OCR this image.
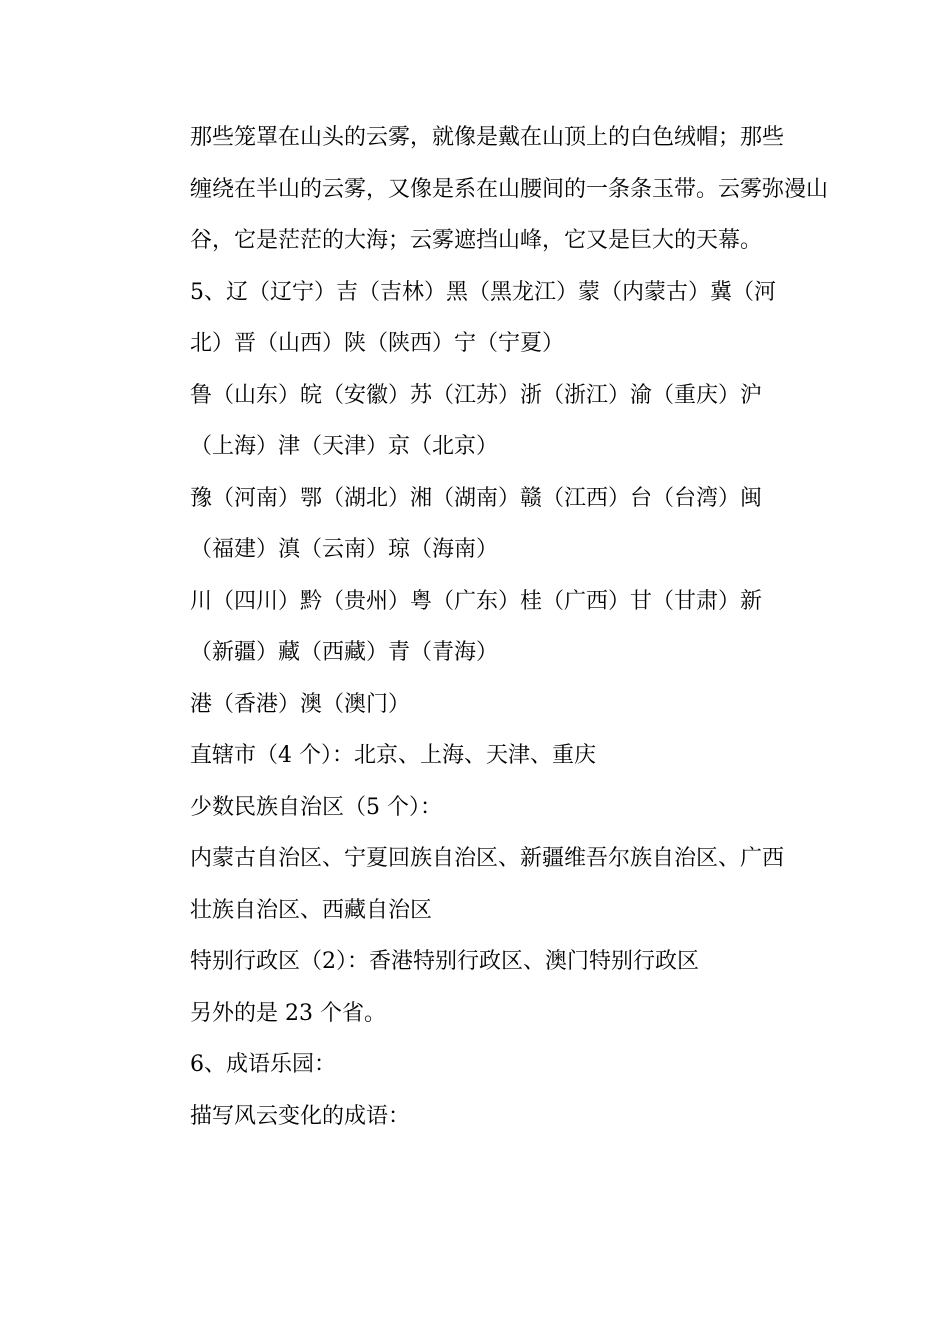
那些笼罩在山头的云雾，就像是戴在山顶上的白色绒帽；那些
缠绕在半山的云雾，又像是系在山腰间的一条条玉带。云雾弥漫山
谷，它是茫茫的大海；云雾遮挡山峰，它又是巨大的天幕。

5、辽（辽宁）吉（吉林）黑（黑龙江）蒙（内蒙古）冀（河
北）晋（山西）陕（陕西）宁（宁夏）

鲁（山东）皖（安徽）苏（江苏）浙（浙江）渝（重庆）沪
（上海）津（天津）京（北京）

豫（河南）鄂（湖北）湘（湖南）赣（江西）台（台湾）闽
（福建）滇（云南）琼（海南）

川（四川）黔（贵州）粤（广东）桂（广西）甘（甘肃）新
（新疆）藏（西藏）青（青海）

港（香港）澳（澳门）

直辖市（4 个）：北京、上海、天津、重庆

少数民族自治区（5 个）：

内蒙古自治区、宁夏回族自治区、新疆维吾尔族自治区、广西
壮族自治区、西藏自治区

特别行政区（2）：香港特别行政区、澳门特别行政区

另外的是 23 个省。

6、成语乐园：

描写风云变化的成语：
